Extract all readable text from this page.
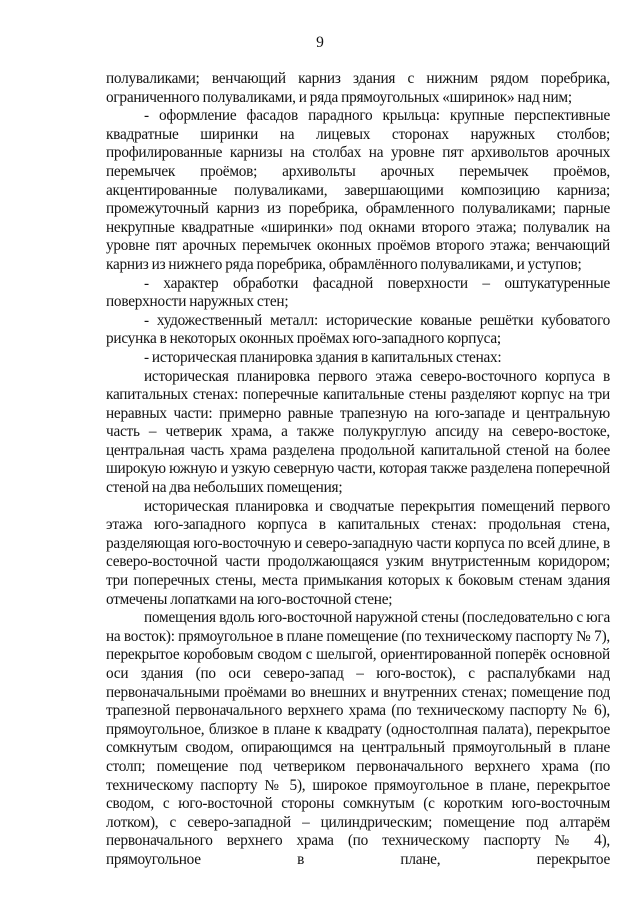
9

полуваликами; венчающий карниз здания с нижним рядом поребрика, ограниченного полуваликами, и ряда прямоугольных «ширинок» над ним;

- оформление фасадов парадного крыльца: крупные перспективные квадратные ширинки на лицевых сторонах наружных столбов; профилированные карнизы на столбах на уровне пят архивольтов арочных перемычек проёмов; архивольты арочных перемычек проёмов, акцентированные полуваликами, завершающими композицию карниза; промежуточный карниз из поребрика, обрамленного полуваликами; парные некрупные квадратные «ширинки» под окнами второго этажа; полувалик на уровне пят арочных перемычек оконных проёмов второго этажа; венчающий карниз из нижнего ряда поребрика, обрамлённого полуваликами, и уступов;

- характер обработки фасадной поверхности – оштукатуренные поверхности наружных стен;

- художественный металл: исторические кованые решётки кубоватого рисунка в некоторых оконных проёмах юго-западного корпуса;

- историческая планировка здания в капитальных стенах:

историческая планировка первого этажа северо-восточного корпуса в капитальных стенах: поперечные капитальные стены разделяют корпус на три неравных части: примерно равные трапезную на юго-западе и центральную часть – четверик храма, а также полукруглую апсиду на северо-востоке, центральная часть храма разделена продольной капитальной стеной на более широкую южную и узкую северную части, которая также разделена поперечной стеной на два небольших помещения;

историческая планировка и сводчатые перекрытия помещений первого этажа юго-западного корпуса в капитальных стенах: продольная стена, разделяющая юго-восточную и северо-западную части корпуса по всей длине, в северо-восточной части продолжающаяся узким внутристенным коридором; три поперечных стены, места примыкания которых к боковым стенам здания отмечены лопатками на юго-восточной стене;

помещения вдоль юго-восточной наружной стены (последовательно с юга на восток): прямоугольное в плане помещение (по техническому паспорту № 7), перекрытое коробовым сводом с шелыгой, ориентированной поперёк основной оси здания (по оси северо-запад – юго-восток), с распалубками над первоначальными проёмами во внешних и внутренних стенах; помещение под трапезной первоначального верхнего храма (по техническому паспорту № 6), прямоугольное, близкое в плане к квадрату (одностолпная палата), перекрытое сомкнутым сводом, опирающимся на центральный прямоугольный в плане столп; помещение под четвериком первоначального верхнего храма (по техническому паспорту № 5), широкое прямоугольное в плане, перекрытое сводом, с юго-восточной стороны сомкнутым (с коротким юго-восточным лотком), с северо-западной – цилиндрическим; помещение под алтарём первоначального верхнего храма (по техническому паспорту № 4), прямоугольное в плане, перекрытое
